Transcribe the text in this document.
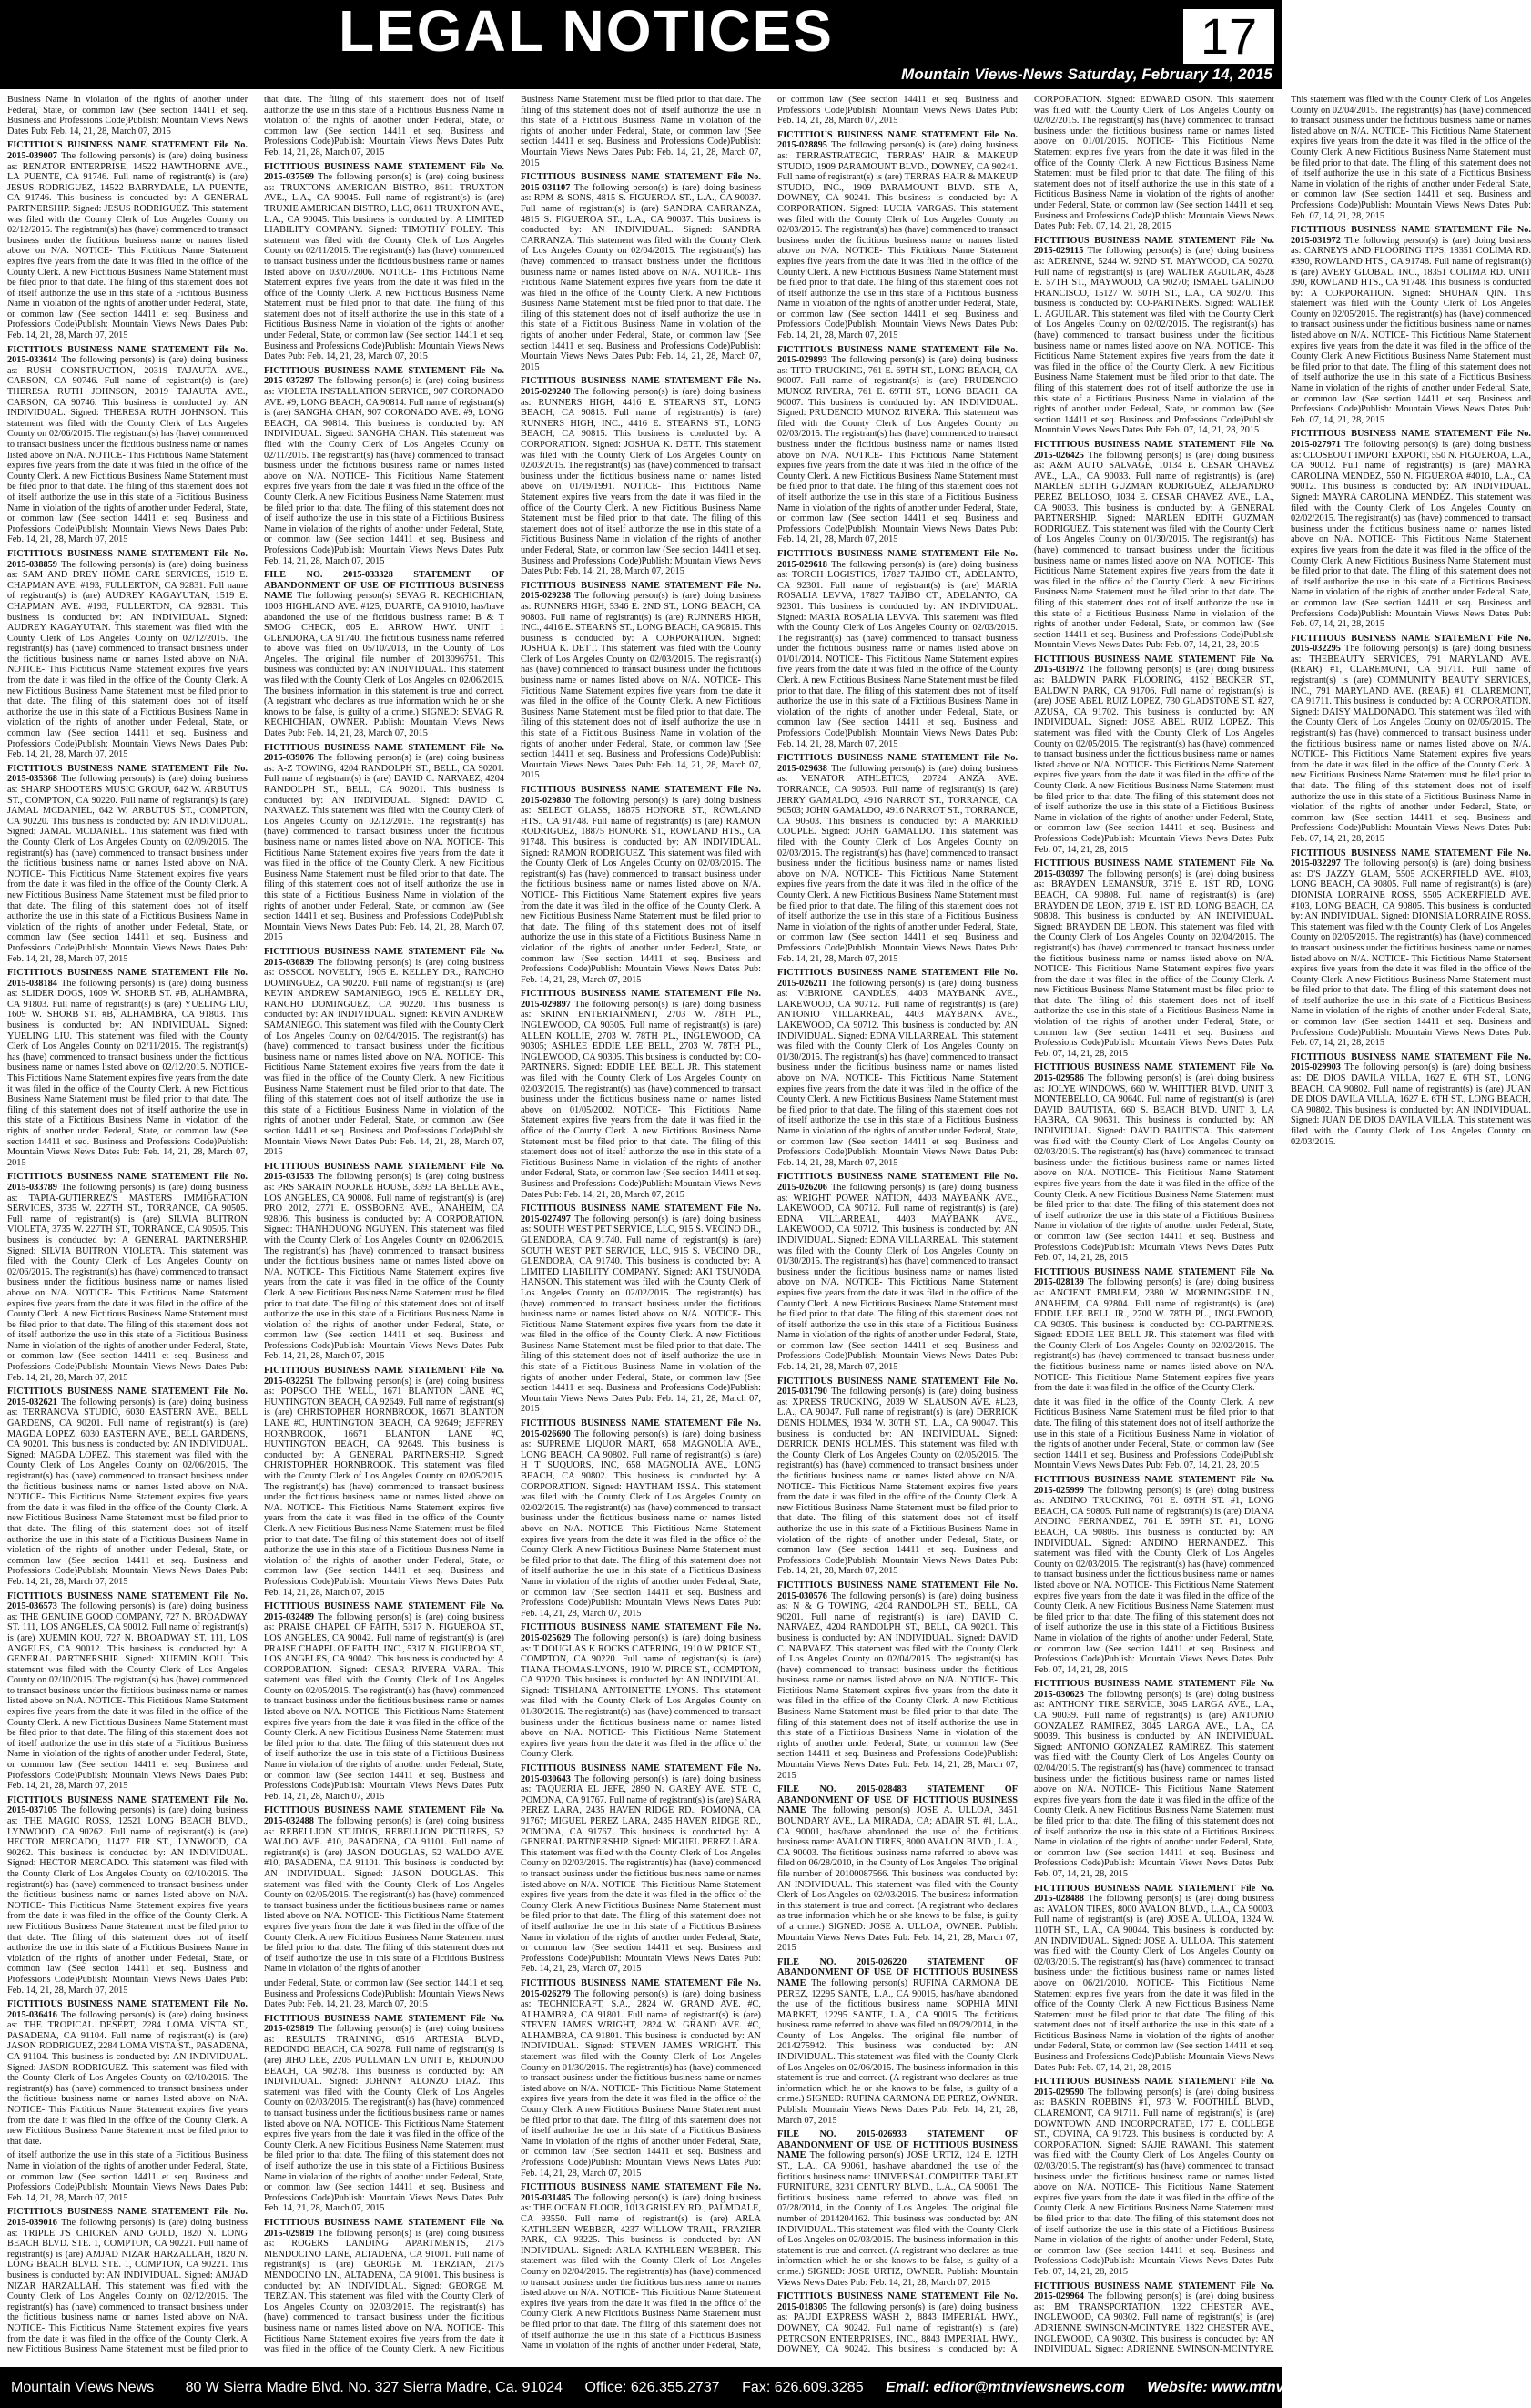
LEGAL NOTICES	17
Mountain Views-News Saturday, February 14, 2015

Business Name in violation of the rights of another under Federal, State, or common law (See section 14411 et seq. Business and Professions Code)Publish: Mountain Views News Dates Pub: Feb. 14, 21, 28, March 07, 2015

FICTITIOUS BUSINESS NAME STATEMENT File No. 2015-039007 The following person(s) is (are) doing business as: RENATOR ENTERPRISE, 14522 HAWTHORNE AVE., LA PUENTE, CA 91746. Full name of registrant(s) is (are) JESUS RODRIGUEZ, 14522 BARRYDALE, LA PUENTE, CA 91746. This business is conducted by: A GENERAL PARTNERSHIP. Signed: JESUS RODRIGUEZ. This statement was filed with the County Clerk of Los Angeles County on 02/12/2015. The registrant(s) has (have) commenced to transact business under the fictitious business name or names listed above on N/A. NOTICE- This Fictitious Name Statement expires five years from the date it was filed in the office of the County Clerk. A new Fictitious Business Name Statement must be filed prior to that date. The filing of this statement does not of itself authorize the use in this state of a Fictitious Business Name in violation of the rights of another under Federal, State, or common law (See section 14411 et seq. Business and Professions Code)Publish: Mountain Views News Dates Pub: Feb. 14, 21, 28, March 07, 2015

FICTITIOUS BUSINESS NAME STATEMENT File No. 2015-033614 The following person(s) is (are) doing business as: RUSH CONSTRUCTION, 20319 TAJAUTA AVE., CARSON, CA 90746. Full name of registrant(s) is (are) THERESA RUTH JOHNSON, 20319 TAJAUTA AVE., CARSON, CA 90746. This business is conducted by: AN INDIVIDUAL. Signed: THERESA RUTH JOHNSON. This statement was filed with the County Clerk of Los Angeles County on 02/06/2015. The registrant(s) has (have) commenced to transact business under the fictitious business name or names listed above on N/A. NOTICE- This Fictitious Name Statement expires five years from the date it was filed in the office of the County Clerk. A new Fictitious Business Name Statement must be filed prior to that date. The filing of this statement does not of itself authorize the use in this state of a Fictitious Business Name in violation of the rights of another under Federal, State, or common law (See section 14411 et seq. Business and Professions Code)Publish: Mountain Views News Dates Pub: Feb. 14, 21, 28, March 07, 2015

FICTITIOUS BUSINESS NAME STATEMENT File No. 2015-038859 The following person(s) is (are) doing business as: SAM AND DREY HOME CARE SERVICES, 1519 E. CHAPMAN AVE. #193, FULLERTON, CA 92831. Full name of registrant(s) is (are) AUDREY KAGAYUTAN, 1519 E. CHAPMAN AVE. #193, FULLERTON, CA 92831. This business is conducted by: AN INDIVIDUAL. Signed: AUDREY KAGAYUTAN. This statement was filed with the County Clerk of Los Angeles County on 02/12/2015. The registrant(s) has (have) commenced to transact business under the fictitious business name or names listed above on N/A. NOTICE- This Fictitious Name Statement expires five years from the date it was filed in the office of the County Clerk. A new Fictitious Business Name Statement must be filed prior to that date. The filing of this statement does not of itself authorize the use in this state of a Fictitious Business Name in violation of the rights of another under Federal, State, or common law (See section 14411 et seq. Business and Professions Code)Publish: Mountain Views News Dates Pub: Feb. 14, 21, 28, March 07, 2015

FICTITIOUS BUSINESS NAME STATEMENT File No. 2015-035368 The following person(s) is (are) doing business as: SHARP SHOOTERS MUSIC GROUP, 642 W. ARBUTUS ST., COMPTON, CA 90220. Full name of registrant(s) is (are) JAMAL MCDANIEL, 642 W. ARBUTUS ST., COMPTON, CA 90220. This business is conducted by: AN INDIVIDUAL. Signed: JAMAL MCDANIEL. This statement was filed with the County Clerk of Los Angeles County on 02/09/2015. The registrant(s) has (have) commenced to transact business under the fictitious business name or names listed above on N/A. NOTICE- This Fictitious Name Statement expires five years from the date it was filed in the office of the County Clerk. A new Fictitious Business Name Statement must be filed prior to that date. The filing of this statement does not of itself authorize the use in this state of a Fictitious Business Name in violation of the rights of another under Federal, State, or common law (See section 14411 et seq. Business and Professions Code)Publish: Mountain Views News Dates Pub: Feb. 14, 21, 28, March 07, 2015

FICTITIOUS BUSINESS NAME STATEMENT File No. 2015-038184 The following person(s) is (are) doing business as: SLIDER DOGS, 1609 W. SHORB ST. #B, ALHAMBRA, CA 91803. Full name of registrant(s) is (are) YUELING LIU, 1609 W. SHORB ST. #B, ALHAMBRA, CA 91803. This business is conducted by: AN INDIVIDUAL. Signed: YUELING LIU. This statement was filed with the County Clerk of Los Angeles County on 02/11/2015. The registrant(s) has (have) commenced to transact business under the fictitious business name or names listed above on 02/12/2015. NOTICE- This Fictitious Name Statement expires five years from the date it was filed in the office of the County Clerk. A new Fictitious Business Name Statement must be filed prior to that date. The filing of this statement does not of itself authorize the use in this state of a Fictitious Business Name in violation of the rights of another under Federal, State, or common law (See section 14411 et seq. Business and Professions Code)Publish: Mountain Views News Dates Pub: Feb. 14, 21, 28, March 07, 2015

FICTITIOUS BUSINESS NAME STATEMENT File No. 2015-033789 The following person(s) is (are) doing business as: TAPIA-GUTIERREZ'S MASTERS IMMIGRATION SERVICES, 3735 W. 227TH ST., TORRANCE, CA 90505. Full name of registrant(s) is (are) SILVIA BUITRON VIOLETA, 3735 W. 227TH ST., TORRANCE, CA 90505. This business is conducted by: A GENERAL PARTNERSHIP. Signed: SILVIA BUITRON VIOLETA. This statement was filed with the County Clerk of Los Angeles County on 02/06/2015. The registrant(s) has (have) commenced to transact business under the fictitious business name or names listed above on N/A. NOTICE- This Fictitious Name Statement expires five years from the date it was filed in the office of the County Clerk. A new Fictitious Business Name Statement must be filed prior to that date. The filing of this statement does not of itself authorize the use in this state of a Fictitious Business Name in violation of the rights of another under Federal, State, or common law (See section 14411 et seq. Business and Professions Code)Publish: Mountain Views News Dates Pub: Feb. 14, 21, 28, March 07, 2015

FICTITIOUS BUSINESS NAME STATEMENT File No. 2015-032621 The following person(s) is (are) doing business as: TERRANOVA STUDIO, 6030 EASTERN AVE., BELL GARDENS, CA 90201. Full name of registrant(s) is (are) MAGDA LOPEZ, 6030 EASTERN AVE., BELL GARDENS, CA 90201. This business is conducted by: AN INDIVIDUAL. Signed: MAGDA LOPEZ. This statement was filed with the County Clerk of Los Angeles County on 02/06/2015. The registrant(s) has (have) commenced to transact business under the fictitious business name or names listed above on N/A. NOTICE- This Fictitious Name Statement expires five years from the date it was filed in the office of the County Clerk. A new Fictitious Business Name Statement must be filed prior to that date. The filing of this statement does not of itself authorize the use in this state of a Fictitious Business Name in violation of the rights of another under Federal, State, or common law (See section 14411 et seq. Business and Professions Code)Publish: Mountain Views News Dates Pub: Feb. 14, 21, 28, March 07, 2015

FICTITIOUS BUSINESS NAME STATEMENT File No. 2015-036573 The following person(s) is (are) doing business as: THE GENUINE GOOD COMPANY, 727 N. BROADWAY ST. 111, LOS ANGELES, CA 90012. Full name of registrant(s) is (are) XUEMIN KOU, 727 N. BROADWAY ST. 111, LOS ANGELES, CA 90012. This business is conducted by: A GENERAL PARTNERSHIP. Signed: XUEMIN KOU. This statement was filed with the County Clerk of Los Angeles County on 02/10/2015. The registrant(s) has (have) commenced to transact business under the fictitious business name or names listed above on N/A. NOTICE- This Fictitious Name Statement expires five years from the date it was filed in the office of the County Clerk. A new Fictitious Business Name Statement must be filed prior to that date. The filing of this statement does not of itself authorize the use in this state of a Fictitious Business Name in violation of the rights of another under Federal, State, or common law (See section 14411 et seq. Business and Professions Code)Publish: Mountain Views News Dates Pub: Feb. 14, 21, 28, March 07, 2015

FICTITIOUS BUSINESS NAME STATEMENT File No. 2015-037105 The following person(s) is (are) doing business as: THE MAGIC ROSS, 12521 LONG BEACH BLVD., LYNWOOD, CA 90262. Full name of registrant(s) is (are) HECTOR MERCADO, 11477 FIR ST., LYNWOOD, CA 90262. This business is conducted by: AN INDIVIDUAL. Signed: HECTOR MERCADO. This statement was filed with the County Clerk of Los Angeles County on 02/10/2015. The registrant(s) has (have) commenced to transact business under the fictitious business name or names listed above on N/A. NOTICE- This Fictitious Name Statement expires five years from the date it was filed in the office of the County Clerk. A new Fictitious Business Name Statement must be filed prior to that date. The filing of this statement does not of itself authorize the use in this state of a Fictitious Business Name in violation of the rights of another under Federal, State, or common law (See section 14411 et seq. Business and Professions Code)Publish: Mountain Views News Dates Pub: Feb. 14, 21, 28, March 07, 2015

FICTITIOUS BUSINESS NAME STATEMENT File No. 2015-036416 The following person(s) is (are) doing business as: THE TROPICAL DESERT, 2284 LOMA VISTA ST., PASADENA, CA 91104. Full name of registrant(s) is (are) JASON RODRIGUEZ, 2284 LOMA VISTA ST., PASADENA, CA 91104. This business is conducted by: AN INDIVIDUAL. Signed: JASON RODRIGUEZ. This statement was filed with the County Clerk of Los Angeles County on 02/10/2015. The registrant(s) has (have) commenced to transact business under the fictitious business name or names listed above on N/A. NOTICE- This Fictitious Name Statement expires five years from the date it was filed in the office of the County Clerk. A new Fictitious Business Name Statement must be filed prior to that date.

of itself authorize the use in this state of a Fictitious Business Name in violation of the rights of another under Federal, State, or common law (See section 14411 et seq. Business and Professions Code)Publish: Mountain Views News Dates Pub: Feb. 14, 21, 28, March 07, 2015

FICTITIOUS BUSINESS NAME STATEMENT File No. 2015-039016 The following person(s) is (are) doing business as: TRIPLE J'S CHICKEN AND GOLD, 1820 N. LONG BEACH BLVD. STE. 1, COMPTON, CA 90221. Full name of registrant(s) is (are) AMJAD NIZAR HARZALLAH, 1820 N. LONG BEACH BLVD. STE. 1, COMPTON, CA 90221. This business is conducted by: AN INDIVIDUAL. Signed: AMJAD NIZAR HARZALLAH. This statement was filed with the County Clerk of Los Angeles County on 02/12/2015. The registrant(s) has (have) commenced to transact business under the fictitious business name or names listed above on N/A. NOTICE- This Fictitious Name Statement expires five years from the date it was filed in the office of the County Clerk. A new Fictitious Business Name Statement must be filed prior to that date. The filing of this statement does not of itself authorize the use in this state of a Fictitious Business Name in violation of the rights of another under Federal, State, or common law (See section 14411 et seq. Business and Professions Code)Publish: Mountain Views News Dates Pub: Feb. 14, 21, 28, March 07, 2015

FICTITIOUS BUSINESS NAME STATEMENT File No. 2015-037569 The following person(s) is (are) doing business as: TRUXTONS AMERICAN BISTRO, 8611 TRUXTON AVE., L.A., CA 90045. Full name of registrant(s) is (are) TRUXIE AMERICAN BISTRO, LLC, 8611 TRUXTON AVE., L.A., CA 90045. This business is conducted by: A LIMITED LIABILITY COMPANY. Signed: TIMOTHY FOLEY. This statement was filed with the County Clerk of Los Angeles County on 02/11/2015. The registrant(s) has (have) commenced to transact business under the fictitious business name or names listed above on 03/07/2006. NOTICE- This Fictitious Name Statement expires five years from the date it was filed in the office of the County Clerk. A new Fictitious Business Name Statement must be filed prior to that date. The filing of this statement does not of itself authorize the use in this state of a Fictitious Business Name in violation of the rights of another under Federal, State, or common law (See section 14411 et seq. Business and Professions Code)Publish: Mountain Views News Dates Pub: Feb. 14, 21, 28, March 07, 2015

FICTITIOUS BUSINESS NAME STATEMENT File No. 2015-037297 The following person(s) is (are) doing business as: VIOLETA INSTALLATION SERVICE, 907 CORONADO AVE. #9, LONG BEACH, CA 90814. Full name of registrant(s) is (are) SANGHA CHAN, 907 CORONADO AVE. #9, LONG BEACH, CA 90814. This business is conducted by: AN INDIVIDUAL. Signed: SANGHA CHAN. This statement was filed with the County Clerk of Los Angeles County on 02/11/2015. The registrant(s) has (have) commenced to transact business under the fictitious business name or names listed above on N/A. NOTICE- This Fictitious Name Statement expires five years from the date it was filed in the office of the County Clerk. A new Fictitious Business Name Statement must be filed prior to that date. The filing of this statement does not of itself authorize the use in this state of a Fictitious Business Name in violation of the rights of another under Federal, State, or common law (See section 14411 et seq. Business and Professions Code)Publish: Mountain Views News Dates Pub: Feb. 14, 21, 28, March 07, 2015

FILE NO. 2015-033328 STATEMENT OF ABANDONMENT OF USE OF FICTITIOUS BUSINESS NAME The following person(s) SEVAG R. KECHICHIAN, 1003 HIGHLAND AVE. #125, DUARTE, CA 91010, has/have abandoned the use of the fictitious business name: B & T SMOG CHECK, 605 E. ARROW HWY. UNIT 1 GLENDORA, CA 91740. The fictitious business name referred to above was filed on 05/10/2013, in the County of Los Angeles. The original file number of 2013096751. This business was conducted by: AN INDIVIDUAL. This statement was filed with the County Clerk of Los Angeles on 02/06/2015. The business information in this statement is true and correct. (A registrant who declares as true information which he or she knows to be false, is guilty of a crime.) SIGNED: SEVAG R. KECHICHIAN, OWNER. Publish: Mountain Views News Dates Pub: Feb. 14, 21, 28, March 07, 2015

FICTITIOUS BUSINESS NAME STATEMENT File No. 2015-039076 The following person(s) is (are) doing business as: A-Z TOWING, 4204 RANDOLPH ST., BELL, CA 90201. Full name of registrant(s) is (are) DAVID C. NARVAEZ, 4204 RANDOLPH ST., BELL, CA 90201. This business is conducted by: AN INDIVIDUAL. Signed: DAVID C. NARVAEZ. This statement was filed with the County Clerk of Los Angeles County on 02/12/2015. The registrant(s) has (have) commenced to transact business under the fictitious business name or names listed above on N/A. NOTICE- This Fictitious Name Statement expires five years from the date it was filed in the office of the County Clerk. A new Fictitious Business Name Statement must be filed prior to that date. The filing of this statement does not of itself authorize the use in this state of a Fictitious Business Name in violation of the rights of another under Federal, State, or common law (See section 14411 et seq. Business and Professions Code)Publish: Mountain Views News Dates Pub: Feb. 14, 21, 28, March 07, 2015

FICTITIOUS BUSINESS NAME STATEMENT File No. 2015-036839 The following person(s) is (are) doing business as: OSSCOL NOVELTY, 1905 E. KELLEY DR., RANCHO DOMINGUEZ, CA 90220. Full name of registrant(s) is (are) KEVIN ANDREW SAMANIEGO, 1905 E. KELLEY DR., RANCHO DOMINGUEZ, CA 90220. This business is conducted by: AN INDIVIDUAL. Signed: KEVIN ANDREW SAMANIEGO. This statement was filed with the County Clerk of Los Angeles County on 02/04/2015. The registrant(s) has (have) commenced to transact business under the fictitious business name or names listed above on N/A. NOTICE- This Fictitious Name Statement expires five years from the date it was filed in the office of the County Clerk. A new Fictitious Business Name Statement must be filed prior to that date. The filing of this statement does not of itself authorize the use in this state of a Fictitious Business Name in violation of the rights of another under Federal, State, or common law (See section 14411 et seq. Business and Professions Code)Publish: Mountain Views News Dates Pub: Feb. 14, 21, 28, March 07, 2015

FICTITIOUS BUSINESS NAME STATEMENT File No. 2015-031533 The following person(s) is (are) doing business as: PRS SARAIN NOOKLE HOUSE, 3393 LA BELLE AVE., LOS ANGELES, CA 90008. Full name of registrant(s) is (are) PRO 2012, 2771 E. OSSBORNE AVE., ANAHEIM, CA 92806. This business is conducted by: A CORPORATION. Signed: THANHDUONG NGUYEN. This statement was filed with the County Clerk of Los Angeles County on 02/06/2015. The registrant(s) has (have) commenced to transact business under the fictitious business name or names listed above on N/A. NOTICE- This Fictitious Name Statement expires five years from the date it was filed in the office of the County Clerk. A new Fictitious Business Name Statement must be filed prior to that date. The filing of this statement does not of itself authorize the use in this state of a Fictitious Business Name in violation of the rights of another under Federal, State, or common law (See section 14411 et seq. Business and Professions Code)Publish: Mountain Views News Dates Pub: Feb. 14, 21, 28, March 07, 2015

FICTITIOUS BUSINESS NAME STATEMENT File No. 2015-032251 The following person(s) is (are) doing business as: POPSOO THE WELL, 1671 BLANTON LANE #C, HUNTINGTON BEACH, CA 92649. Full name of registrant(s) is (are) CHRISTOPHER HORNBROOK, 16671 BLANTON LANE #C, HUNTINGTON BEACH, CA 92649; JEFFREY HORNBROOK, 16671 BLANTON LANE #C, HUNTINGTON BEACH, CA 92649. This business is conducted by: A GENERAL PARTNERSHIP. Signed: CHRISTOPHER HORNBROOK. This statement was filed with the County Clerk of Los Angeles County on 02/05/2015. The registrant(s) has (have) commenced to transact business under the fictitious business name or names listed above on N/A. NOTICE- This Fictitious Name Statement expires five years from the date it was filed in the office of the County Clerk. A new Fictitious Business Name Statement must be filed prior to that date. The filing of this statement does not of itself authorize the use in this state of a Fictitious Business Name in violation of the rights of another under Federal, State, or common law (See section 14411 et seq. Business and Professions Code)Publish: Mountain Views News Dates Pub: Feb. 14, 21, 28, March 07, 2015

FICTITIOUS BUSINESS NAME STATEMENT File No. 2015-032489 The following person(s) is (are) doing business as: PRAISE CHAPEL OF FAITH, 5317 N. FIGUEROA ST., LOS ANGELES, CA 90042. Full name of registrant(s) is (are) PRAISE CHAPEL OF FAITH, INC., 5317 N. FIGUEROA ST., LOS ANGELES, CA 90042. This business is conducted by: A CORPORATION. Signed: CESAR RIVERA VARA. This statement was filed with the County Clerk of Los Angeles County on 02/05/2015. The registrant(s) has (have) commenced to transact business under the fictitious business name or names listed above on N/A. NOTICE- This Fictitious Name Statement expires five years from the date it was filed in the office of the County Clerk. A new Fictitious Business Name Statement must be filed prior to that date. The filing of this statement does not of itself authorize the use in this state of a Fictitious Business Name in violation of the rights of another under Federal, State, or common law (See section 14411 et seq. Business and Professions Code)Publish: Mountain Views News Dates Pub: Feb. 14, 21, 28, March 07, 2015

FICTITIOUS BUSINESS NAME STATEMENT File No. 2015-032488 The following person(s) is (are) doing business as: REBELLION STUDIOS, REBELLION PICTURES, 52 WALDO AVE. #10, PASADENA, CA 91101. Full name of registrant(s) is (are) JASON DOUGLAS, 52 WALDO AVE. #10, PASADENA, CA 91101. This business is conducted by: AN INDIVIDUAL. Signed: JASON DOUGLAS. This statement was filed with the County Clerk of Los Angeles County on 02/05/2015. The registrant(s) has (have) commenced to transact business under the fictitious business name or names listed above on N/A. NOTICE- This Fictitious Name Statement expires five years from the date it was filed in the office of the County Clerk. A new Fictitious Business Name Statement must be filed prior to that date. The filing of this statement does not of itself authorize the use in this state of a Fictitious Business Name in violation of the rights of another

under Federal, State, or common law (See section 14411 et seq. Business and Professions Code)Publish: Mountain Views News Dates Pub: Feb. 14, 21, 28, March 07, 2015

FICTITIOUS BUSINESS NAME STATEMENT File No. 2015-029819 The following person(s) is (are) doing business as: RESULTS TRAINING, 6516 ARTESIA BLVD., REDONDO BEACH, CA 90278. Full name of registrant(s) is (are) JIHO LEE, 2205 PULLMAN LN UNIT B, REDONDO BEACH, CA 90278. This business is conducted by: AN INDIVIDUAL. Signed: JOHNNY ALONZO DIAZ. This statement was filed with the County Clerk of Los Angeles County on 02/03/2015. The registrant(s) has (have) commenced to transact business under the fictitious business name or names listed above on N/A. NOTICE- This Fictitious Name Statement expires five years from the date it was filed in the office of the County Clerk. A new Fictitious Business Name Statement must be filed prior to that date. The filing of this statement does not of itself authorize the use in this state of a Fictitious Business Name in violation of the rights of another under Federal, State, or common law (See section 14411 et seq. Business and Professions Code)Publish: Mountain Views News Dates Pub: Feb. 14, 21, 28, March 07, 2015

FICTITIOUS BUSINESS NAME STATEMENT File No. 2015-029819 The following person(s) is (are) doing business as: ROGERS LANDING APARTMENTS, 2175 MENDOCINO LANE, ALTADENA, CA 91001. Full name of registrant(s) is (are) GEORGE M. TERZIAN, 2175 MENDOCINO LN., ALTADENA, CA 91001. This business is conducted by: AN INDIVIDUAL. Signed: GEORGE M. TERZIAN. This statement was filed with the County Clerk of Los Angeles County on 02/03/2015. The registrant(s) has (have) commenced to transact business under the fictitious business name or names listed above on N/A. NOTICE- This Fictitious Name Statement expires five years from the date it was filed in the office of the County Clerk. A new Fictitious Business Name Statement must be filed prior to that date. The filing of this statement does not of itself authorize the use in this state of a Fictitious Business Name in violation of the rights of another under Federal, State, or common law (See section 14411 et seq. Business and Professions Code)Publish: Mountain Views News Dates Pub: Feb. 14, 21, 28, March 07, 2015

FICTITIOUS BUSINESS NAME STATEMENT File No. 2015-031107 The following person(s) is (are) doing business as: RPM & SONS, 4815 S. FIGUEROA ST., L.A., CA 90037. Full name of registrant(s) is (are) SANDRA CARRANZA, 4815 S. FIGUEROA ST., L.A., CA 90037. This business is conducted by: AN INDIVIDUAL. Signed: SANDRA CARRANZA. This statement was filed with the County Clerk of Los Angeles County on 02/04/2015. The registrant(s) has (have) commenced to transact business under the fictitious business name or names listed above on N/A. NOTICE- This Fictitious Name Statement expires five years from the date it was filed in the office of the County Clerk. A new Fictitious Business Name Statement must be filed prior to that date. The filing of this statement does not of itself authorize the use in this state of a Fictitious Business Name in violation of the rights of another under Federal, State, or common law (See section 14411 et seq. Business and Professions Code)Publish: Mountain Views News Dates Pub: Feb. 14, 21, 28, March 07, 2015

FICTITIOUS BUSINESS NAME STATEMENT File No. 2015-029240 The following person(s) is (are) doing business as: RUNNERS HIGH, 4416 E. STEARNS ST., LONG BEACH, CA 90815. Full name of registrant(s) is (are) RUNNERS HIGH, INC., 4416 E. STEARNS ST., LONG BEACH, CA 90815. This business is conducted by: A CORPORATION. Signed: JOSHUA K. DETT. This statement was filed with the County Clerk of Los Angeles County on 02/03/2015. The registrant(s) has (have) commenced to transact business under the fictitious business name or names listed above on 01/19/1991. NOTICE- This Fictitious Name Statement expires five years from the date it was filed in the office of the County Clerk. A new Fictitious Business Name Statement must be filed prior to that date. The filing of this statement does not of itself authorize the use in this state of a Fictitious Business Name in violation of the rights of another under Federal, State, or common law (See section 14411 et seq. Business and Professions Code)Publish: Mountain Views News Dates Pub: Feb. 14, 21, 28, March 07, 2015

FICTITIOUS BUSINESS NAME STATEMENT File No. 2015-029238 The following person(s) is (are) doing business as: RUNNERS HIGH, 5346 E. 2ND ST., LONG BEACH, CA 90803. Full name of registrant(s) is (are) RUNNERS HIGH, INC., 4416 E. STEARNS ST., LONG BEACH, CA 90815. This business is conducted by: A CORPORATION. Signed: JOSHUA K. DETT. This statement was filed with the County Clerk of Los Angeles County on 02/03/2015. The registrant(s) has (have) commenced to transact business under the fictitious business name or names listed above on N/A. NOTICE- This Fictitious Name Statement expires five years from the date it was filed in the office of the County Clerk. A new Fictitious Business Name Statement must be filed prior to that date. The filing of this statement does not of itself authorize the use in this state of a Fictitious Business Name in violation of the rights of another under Federal, State, or common law (See section 14411 et seq. Business and Professions Code)Publish: Mountain Views News Dates Pub: Feb. 14, 21, 28, March 07, 2015

FICTITIOUS BUSINESS NAME STATEMENT File No. 2015-029830 The following person(s) is (are) doing business as: SELECT GLASS, 18875 HONORE ST., ROWLAND HTS., CA 91748. Full name of registrant(s) is (are) RAMON RODRIGUEZ, 18875 HONORE ST., ROWLAND HTS., CA 91748. This business is conducted by: AN INDIVIDUAL. Signed: RAMON RODRIGUEZ. This statement was filed with the County Clerk of Los Angeles County on 02/03/2015. The registrant(s) has (have) commenced to transact business under the fictitious business name or names listed above on N/A. NOTICE- This Fictitious Name Statement expires five years from the date it was filed in the office of the County Clerk. A new Fictitious Business Name Statement must be filed prior to that date. The filing of this statement does not of itself authorize the use in this state of a Fictitious Business Name in violation of the rights of another under Federal, State, or common law (See section 14411 et seq. Business and Professions Code)Publish: Mountain Views News Dates Pub: Feb. 14, 21, 28, March 07, 2015

FICTITIOUS BUSINESS NAME STATEMENT File No. 2015-029897 The following person(s) is (are) doing business as: SKINN ENTERTAINMENT, 2703 W. 78TH PL., INGLEWOOD, CA 90305. Full name of registrant(s) is (are) ALLEN KOLLIE, 2703 W. 78TH PL., INGLEWOOD, CA 90305; ASHLEE EDDIE LEE BELL, 2703 W. 78TH PL., INGLEWOOD, CA 90305. This business is conducted by: CO-PARTNERS. Signed: EDDIE LEE BELL JR. This statement was filed with the County Clerk of Los Angeles County on 02/03/2015. The registrant(s) has (have) commenced to transact business under the fictitious business name or names listed above on 01/05/2002. NOTICE- This Fictitious Name Statement expires five years from the date it was filed in the office of the County Clerk. A new Fictitious Business Name Statement must be filed prior to that date. The filing of this statement does not of itself authorize the use in this state of a Fictitious Business Name in violation of the rights of another under Federal, State, or common law (See section 14411 et seq. Business and Professions Code)Publish: Mountain Views News Dates Pub: Feb. 14, 21, 28, March 07, 2015

FICTITIOUS BUSINESS NAME STATEMENT File No. 2015-027497 The following person(s) is (are) doing business as: SOUTH WEST PET SERVICE, LLC, 915 S. VECINO DR., GLENDORA, CA 91740. Full name of registrant(s) is (are) SOUTH WEST PET SERVICE, LLC, 915 S. VECINO DR., GLENDORA, CA 91740. This business is conducted by: A LIMITED LIABILITY COMPANY. Signed: AKI TSUNODA HANSON. This statement was filed with the County Clerk of Los Angeles County on 02/02/2015. The registrant(s) has (have) commenced to transact business under the fictitious business name or names listed above on N/A. NOTICE- This Fictitious Name Statement expires five years from the date it was filed in the office of the County Clerk. A new Fictitious Business Name Statement must be filed prior to that date. The filing of this statement does not of itself authorize the use in this state of a Fictitious Business Name in violation of the rights of another under Federal, State, or common law (See section 14411 et seq. Business and Professions Code)Publish: Mountain Views News Dates Pub: Feb. 14, 21, 28, March 07, 2015

FICTITIOUS BUSINESS NAME STATEMENT File No. 2015-026690 The following person(s) is (are) doing business as: SUPREME LIQUOR MART, 658 MAGNOLIA AVE., LONG BEACH, CA 90802. Full name of registrant(s) is (are) H T SUQUORS, INC, 658 MAGNOLIA AVE., LONG BEACH, CA 90802. This business is conducted by: A CORPORATION. Signed: HAYTHAM ISSA. This statement was filed with the County Clerk of Los Angeles County on 02/02/2015. The registrant(s) has (have) commenced to transact business under the fictitious business name or names listed above on N/A. NOTICE- This Fictitious Name Statement expires five years from the date it was filed in the office of the County Clerk. A new Fictitious Business Name Statement must be filed prior to that date. The filing of this statement does not of itself authorize the use in this state of a Fictitious Business Name in violation of the rights of another under Federal, State, or common law (See section 14411 et seq. Business and Professions Code)Publish: Mountain Views News Dates Pub: Feb. 14, 21, 28, March 07, 2015

FICTITIOUS BUSINESS NAME STATEMENT File No. 2015-025629 The following person(s) is (are) doing business as: T DOUGLAS K ROCKS CATERING, 1910 W. PRICE ST., COMPTON, CA 90220. Full name of registrant(s) is (are) TIANA THOMAS-LYONS, 1910 W. PIRCE ST., COMPTON, CA 90220. This business is conducted by: AN INDIVIDUAL. Signed: TISHIANA ANTOINETTE LYONS. This statement was filed with the County Clerk of Los Angeles County on 01/30/2015. The registrant(s) has (have) commenced to transact business under the fictitious business name or names listed above on N/A. NOTICE- This Fictitious Name Statement expires five years from the date it was filed in the office of the County Clerk.

FICTITIOUS BUSINESS NAME STATEMENT File No. 2015-030643 The following person(s) is (are) doing business as: TAQUERIA EL JEFE, 2890 N. GAREY AVE. STE C, POMONA, CA 91767. Full name of registrant(s) is (are) SARA PEREZ LARA, 2435 HAVEN RIDGE RD., POMONA, CA 91767; MIGUEL PEREZ LARA, 2435 HAVEN RIDGE RD., POMONA, CA 91767. This business is conducted by: A GENERAL PARTNERSHIP. Signed: MIGUEL PEREZ LARA. This statement was filed with the County Clerk of Los Angeles County on 02/03/2015. The registrant(s) has (have) commenced to transact business under the fictitious business name or names listed above on N/A. NOTICE- This Fictitious Name Statement expires five years from the date it was filed in the office of the County Clerk. A new Fictitious Business Name Statement must be filed prior to that date. The filing of this statement does not of itself authorize the use in this state of a Fictitious Business Name in violation of the rights of another under Federal, State, or common law (See section 14411 et seq. Business and Professions Code)Publish: Mountain Views News Dates Pub: Feb. 14, 21, 28, March 07, 2015

FICTITIOUS BUSINESS NAME STATEMENT File No. 2015-026279 The following person(s) is (are) doing business as: TECHNICRAFT, S.A., 2824 W. GRAND AVE. #C, ALHAMBRA, CA 91801. Full name of registrant(s) is (are) STEVEN JAMES WRIGHT, 2824 W. GRAND AVE. #C, ALHAMBRA, CA 91801. This business is conducted by: AN INDIVIDUAL. Signed: STEVEN JAMES WRIGHT. This statement was filed with the County Clerk of Los Angeles County on 01/30/2015. The registrant(s) has (have) commenced to transact business under the fictitious business name or names listed above on N/A. NOTICE- This Fictitious Name Statement expires five years from the date it was filed in the office of the County Clerk. A new Fictitious Business Name Statement must be filed prior to that date. The filing of this statement does not of itself authorize the use in this state of a Fictitious Business Name in violation of the rights of another under Federal, State, or common law (See section 14411 et seq. Business and Professions Code)Publish: Mountain Views News Dates Pub: Feb. 14, 21, 28, March 07, 2015

FICTITIOUS BUSINESS NAME STATEMENT File No. 2015-031485 The following person(s) is (are) doing business as: THE OCEAN FLOOR, 1013 GRISLEY RD., PALMDALE, CA 93550. Full name of registrant(s) is (are) ARLA KATHLEEN WEBBER, 4237 WILLOW TRAIL, FRAZIER PARK, CA 93225. This business is conducted by: AN INDIVIDUAL. Signed: ARLA KATHLEEN WEBBER. This statement was filed with the County Clerk of Los Angeles County on 02/04/2015. The registrant(s) has (have) commenced to transact business under the fictitious business name or names listed above on N/A. NOTICE- This Fictitious Name Statement expires five years from the date it was filed in the office of the County Clerk. A new Fictitious Business Name Statement must be filed prior to that date. The filing of this statement does not of itself authorize the use in this state of a Fictitious Business Name in violation of the rights of another under Federal, State, or common law (See section 14411 et seq. Business and Professions Code)Publish: Mountain Views News Dates Pub: Feb. 14, 21, 28, March 07, 2015

FICTITIOUS BUSINESS NAME STATEMENT File No. 2015-028895 The following person(s) is (are) doing business as: TERRASTRATEGIC, TERRAS' HAIR & MAKEUP STUDIO, 1909 PARAMOUNT BLVD., DOWNEY, CA 90241. Full name of registrant(s) is (are) TERRAS HAIR & MAKEUP STUDIO, INC., 1909 PARAMOUNT BLVD. STE A, DOWNEY, CA 90241. This business is conducted by: A CORPORATION. Signed: LUCIA VARGAS. This statement was filed with the County Clerk of Los Angeles County on 02/03/2015. The registrant(s) has (have) commenced to transact business under the fictitious business name or names listed above on N/A. NOTICE- This Fictitious Name Statement expires five years from the date it was filed in the office of the County Clerk. A new Fictitious Business Name Statement must be filed prior to that date. The filing of this statement does not of itself authorize the use in this state of a Fictitious Business Name in violation of the rights of another under Federal, State, or common law (See section 14411 et seq. Business and Professions Code)Publish: Mountain Views News Dates Pub: Feb. 14, 21, 28, March 07, 2015

FICTITIOUS BUSINESS NAME STATEMENT File No. 2015-029893 The following person(s) is (are) doing business as: TITO TRUCKING, 761 E. 69TH ST., LONG BEACH, CA 90007. Full name of registrant(s) is (are) PRUDENCIO MUNOZ RIVERA, 761 E. 69TH ST., LONG BEACH, CA 90007. This business is conducted by: AN INDIVIDUAL. Signed: PRUDENCIO MUNOZ RIVERA. This statement was filed with the County Clerk of Los Angeles County on 02/03/2015. The registrant(s) has (have) commenced to transact business under the fictitious business name or names listed above on N/A. NOTICE- This Fictitious Name Statement expires five years from the date it was filed in the office of the County Clerk. A new Fictitious Business Name Statement must be filed prior to that date. The filing of this statement does not of itself authorize the use in this state of a Fictitious Business Name in violation of the rights of another under Federal, State, or common law (See section 14411 et seq. Business and Professions Code)Publish: Mountain Views News Dates Pub: Feb. 14, 21, 28, March 07, 2015

FICTITIOUS BUSINESS NAME STATEMENT File No. 2015-029618 The following person(s) is (are) doing business as: TORCH LOGISTICS, 17827 TAJIBO CT., ADELANTO, CA 92301. Full name of registrant(s) is (are) MARIA ROSALIA LEVVA, 17827 TAJIBO CT., ADELANTO, CA 92301. This business is conducted by: AN INDIVIDUAL. Signed: MARIA ROSALIA LEVVA. This statement was filed with the County Clerk of Los Angeles County on 02/03/2015. The registrant(s) has (have) commenced to transact business under the fictitious business name or names listed above on 01/01/2014. NOTICE- This Fictitious Name Statement expires five years from the date it was filed in the office of the County Clerk. A new Fictitious Business Name Statement must be filed prior to that date. The filing of this statement does not of itself authorize the use in this state of a Fictitious Business Name in violation of the rights of another under Federal, State, or common law (See section 14411 et seq. Business and Professions Code)Publish: Mountain Views News Dates Pub: Feb. 14, 21, 28, March 07, 2015

FICTITIOUS BUSINESS NAME STATEMENT File No. 2015-029638 The following person(s) is (are) doing business as: VENATOR ATHLETICS, 20724 ANZA AVE. TORRANCE, CA 90503. Full name of registrant(s) is (are) JERRY GAMALDO, 4916 NARROT ST., TORRANCE, CA 90503; JOHN GAMALDO, 4916 NARROT ST., TORRANCE, CA 90503. This business is conducted by: A MARRIED COUPLE. Signed: JOHN GAMALDO. This statement was filed with the County Clerk of Los Angeles County on 02/03/2015. The registrant(s) has (have) commenced to transact business under the fictitious business name or names listed above on N/A. NOTICE- This Fictitious Name Statement expires five years from the date it was filed in the office of the County Clerk. A new Fictitious Business Name Statement must be filed prior to that date. The filing of this statement does not of itself authorize the use in this state of a Fictitious Business Name in violation of the rights of another under Federal, State, or common law (See section 14411 et seq. Business and Professions Code)Publish: Mountain Views News Dates Pub: Feb. 14, 21, 28, March 07, 2015

FICTITIOUS BUSINESS NAME STATEMENT File No. 2015-026211 The following person(s) is (are) doing business as: VIBRIONE CANDLES, 4403 MAYBANK AVE., LAKEWOOD, CA 90712. Full name of registrant(s) is (are) ANTONIO VILLARREAL, 4403 MAYBANK AVE., LAKEWOOD, CA 90712. This business is conducted by: AN INDIVIDUAL. Signed: EDNA VILLARREAL. This statement was filed with the County Clerk of Los Angeles County on 01/30/2015. The registrant(s) has (have) commenced to transact business under the fictitious business name or names listed above on N/A. NOTICE- This Fictitious Name Statement expires five years from the date it was filed in the office of the County Clerk. A new Fictitious Business Name Statement must be filed prior to that date. The filing of this statement does not of itself authorize the use in this state of a Fictitious Business Name in violation of the rights of another under Federal, State, or common law (See section 14411 et seq. Business and Professions Code)Publish: Mountain Views News Dates Pub: Feb. 14, 21, 28, March 07, 2015

FICTITIOUS BUSINESS NAME STATEMENT File No. 2015-026206 The following person(s) is (are) doing business as: WRIGHT POWER NATION, 4403 MAYBANK AVE., LAKEWOOD, CA 90712. Full name of registrant(s) is (are) EDNA VILLARREAL, 4403 MAYBANK AVE., LAKEWOOD, CA 90712. This business is conducted by: AN INDIVIDUAL. Signed: EDNA VILLARREAL. This statement was filed with the County Clerk of Los Angeles County on 01/30/2015. The registrant(s) has (have) commenced to transact business under the fictitious business name or names listed above on N/A. NOTICE- This Fictitious Name Statement expires five years from the date it was filed in the office of the County Clerk. A new Fictitious Business Name Statement must be filed prior to that date. The filing of this statement does not of itself authorize the use in this state of a Fictitious Business Name in violation of the rights of another under Federal, State, or common law (See section 14411 et seq. Business and Professions Code)Publish: Mountain Views News Dates Pub: Feb. 14, 21, 28, March 07, 2015

FICTITIOUS BUSINESS NAME STATEMENT File No. 2015-031790 The following person(s) is (are) doing business as: XPRESS TRUCKING, 2039 W. SLAUSON AVE. #L23, L.A., CA 90047. Full name of registrant(s) is (are) DERRICK DENIS HOLMES, 1934 W. 30TH ST., L.A., CA 90047. This business is conducted by: AN INDIVIDUAL. Signed: DERRICK DENIS HOLMES. This statement was filed with the County Clerk of Los Angeles County on 02/05/2015. The registrant(s) has (have) commenced to transact business under the fictitious business name or names listed above on N/A. NOTICE- This Fictitious Name Statement expires five years from the date it was filed in the office of the County Clerk. A new Fictitious Business Name Statement must be filed prior to that date. The filing of this statement does not of itself authorize the use in this state of a Fictitious Business Name in violation of the rights of another under Federal, State, or common law (See section 14411 et seq. Business and Professions Code)Publish: Mountain Views News Dates Pub: Feb. 14, 21, 28, March 07, 2015

FICTITIOUS BUSINESS NAME STATEMENT File No. 2015-030576 The following person(s) is (are) doing business as: N & G TOWING, 4204 RANDOLPH ST., BELL, CA 90201. Full name of registrant(s) is (are) DAVID C. NARVAEZ, 4204 RANDOLPH ST., BELL, CA 90201. This business is conducted by: AN INDIVIDUAL. Signed: DAVID C. NARVAEZ. This statement was filed with the County Clerk of Los Angeles County on 02/04/2015. The registrant(s) has (have) commenced to transact business under the fictitious business name or names listed above on N/A. NOTICE- This Fictitious Name Statement expires five years from the date it was filed in the office of the County Clerk. A new Fictitious Business Name Statement must be filed prior to that date. The filing of this statement does not of itself authorize the use in this state of a Fictitious Business Name in violation of the rights of another under Federal, State, or common law (See section 14411 et seq. Business and Professions Code)Publish: Mountain Views News Dates Pub: Feb. 14, 21, 28, March 07, 2015

FILE NO. 2015-028483 STATEMENT OF ABANDONMENT OF USE OF FICTITIOUS BUSINESS NAME The following person(s) JOSE A. ULLOA, 3451 BOUNDARY AVE., LA MIRADA, CA; ADAIR ST. #1, L.A., CA 90001, has/have abandoned the use of the fictitious business name: AVALON TIRES, 8000 AVALON BLVD., L.A., CA 90003. The fictitious business name referred to above was filed on 06/28/2010, in the County of Los Angeles. The original file number of 20100087566. This business was conducted by: AN INDIVIDUAL. This statement was filed with the County Clerk of Los Angeles on 02/03/2015. The business information in this statement is true and correct. (A registrant who declares as true information which he or she knows to be false, is guilty of a crime.) SIGNED: JOSE A. ULLOA, OWNER. Publish: Mountain Views News Dates Pub: Feb. 14, 21, 28, March 07, 2015

FILE NO. 2015-026220 STATEMENT OF ABANDONMENT OF USE OF FICTITIOUS BUSINESS NAME The following person(s) RUFINA CARMONA DE PEREZ, 12295 SANTE, L.A., CA 90015, has/have abandoned the use of the fictitious business name: SOPHIA MINI MARKET, 12295 SANTE, L.A., CA 90015. The fictitious business name referred to above was filed on 09/29/2014, in the County of Los Angeles. The original file number of 2014275942. This business was conducted by: AN INDIVIDUAL. This statement was filed with the County Clerk of Los Angeles on 02/06/2015. The business information in this statement is true and correct. (A registrant who declares as true information which he or she knows to be false, is guilty of a crime.) SIGNED: RUFINA CARMONA DE PEREZ, OWNER. Publish: Mountain Views News Dates Pub: Feb. 14, 21, 28, March 07, 2015

FILE NO. 2015-026933 STATEMENT OF ABANDONMENT OF USE OF FICTITIOUS BUSINESS NAME The following person(s) JOSE URTIZ, 124 E. 12TH ST., L.A., CA 90061, has/have abandoned the use of the fictitious business name: UNIVERSAL COMPUTER TABLET FURNITURE, 3231 CENTURY BLVD., L.A., CA 90061. The fictitious business name referred to above was filed on 07/28/2014, in the County of Los Angeles. The original file number of 2014204162. This business was conducted by: AN INDIVIDUAL. This statement was filed with the County Clerk of Los Angeles on 02/03/2015. The business information in this statement is true and correct. (A registrant who declares as true information which he or she knows to be false, is guilty of a crime.) SIGNED: JOSE URTIZ, OWNER. Publish: Mountain Views News Dates Pub: Feb. 14, 21, 28, March 07, 2015

FICTITIOUS BUSINESS NAME STATEMENT File No. 2015-018305 The following person(s) is (are) doing business as: PAUDI EXPRESS WASH 2, 8843 IMPERIAL HWY., DOWNEY, CA 90242. Full name of registrant(s) is (are) PETROSON ENTERPRISES, INC., 8843 IMPERIAL HWY., DOWNEY, CA 90242. This business is conducted by: A CORPORATION. Signed: EDWARD OSON. This statement was filed with the County Clerk of Los Angeles County on 02/02/2015. The registrant(s) has (have) commenced to transact business under the fictitious business name or names listed above on 01/01/2015. NOTICE- This Fictitious Name Statement expires five years from the date it was filed in the office of the County Clerk. A new Fictitious Business Name Statement must be filed prior to that date. The filing of this statement does not of itself authorize the use in this state of a Fictitious Business Name in violation of the rights of another under Federal, State, or common law (See section 14411 et seq. Business and Professions Code)Publish: Mountain Views News Dates Pub: Feb. 07, 14, 21, 28, 2015

FICTITIOUS BUSINESS NAME STATEMENT File No. 2015-029115 The following person(s) is (are) doing business as: ADRENNE, 5244 W. 92ND ST. MAYWOOD, CA 90270. Full name of registrant(s) is (are) WALTER AGUILAR, 4528 E. 57TH ST., MAYWOOD, CA 90270; ISMAEL GALINDO FRANCISCO, 15127 W. 50TH ST., L.A., CA 90270. This business is conducted by: CO-PARTNERS. Signed: WALTER L. AGUILAR. This statement was filed with the County Clerk of Los Angeles County on 02/02/2015. The registrant(s) has (have) commenced to transact business under the fictitious business name or names listed above on N/A. NOTICE- This Fictitious Name Statement expires five years from the date it was filed in the office of the County Clerk. A new Fictitious Business Name Statement must be filed prior to that date. The filing of this statement does not of itself authorize the use in this state of a Fictitious Business Name in violation of the rights of another under Federal, State, or common law (See section 14411 et seq. Business and Professions Code)Publish: Mountain Views News Dates Pub: Feb. 07, 14, 21, 28, 2015

FICTITIOUS BUSINESS NAME STATEMENT File No. 2015-026425 The following person(s) is (are) doing business as: A&M AUTO SALVAGE, 10134 E. CESAR CHAVEZ AVE., L.A., CA 90033. Full name of registrant(s) is (are) MARLEN EDITH GUZMAN RODRIGUEZ, ALEJANDRO PEREZ BELLOSO, 1034 E. CESAR CHAVEZ AVE., L.A., CA 90033. This business is conducted by: A GENERAL PARTNERSHIP. Signed: MARLEN EDITH GUZMAN RODRIGUEZ. This statement was filed with the County Clerk of Los Angeles County on 01/30/2015. The registrant(s) has (have) commenced to transact business under the fictitious business name or names listed above on N/A. NOTICE- This Fictitious Name Statement expires five years from the date it was filed in the office of the County Clerk. A new Fictitious Business Name Statement must be filed prior to that date. The filing of this statement does not of itself authorize the use in this state of a Fictitious Business Name in violation of the rights of another under Federal, State, or common law (See section 14411 et seq. Business and Professions Code)Publish: Mountain Views News Dates Pub: Feb. 07, 14, 21, 28, 2015

FICTITIOUS BUSINESS NAME STATEMENT File No. 2015-031972 The following person(s) is (are) doing business as: BALDWIN PARK FLOORING, 4152 BECKER ST., BALDWIN PARK, CA 91706. Full name of registrant(s) is (are) JOSE ABEL RUIZ LOPEZ, 730 GLADSTONE ST. #27, AZUSA, CA 91702. This business is conducted by: AN INDIVIDUAL. Signed: JOSE ABEL RUIZ LOPEZ. This statement was filed with the County Clerk of Los Angeles County on 02/05/2015. The registrant(s) has (have) commenced to transact business under the fictitious business name or names listed above on N/A. NOTICE- This Fictitious Name Statement expires five years from the date it was filed in the office of the County Clerk. A new Fictitious Business Name Statement must be filed prior to that date. The filing of this statement does not of itself authorize the use in this state of a Fictitious Business Name in violation of the rights of another under Federal, State, or common law (See section 14411 et seq. Business and Professions Code)Publish: Mountain Views News Dates Pub: Feb. 07, 14, 21, 28, 2015

FICTITIOUS BUSINESS NAME STATEMENT File No. 2015-030397 The following person(s) is (are) doing business as: BRAYDEN LEMANSUR, 3719 E. 1ST RD, LONG BEACH, CA 90808. Full name of registrant(s) is (are) BRAYDEN DE LEON, 3719 E. 1ST RD, LONG BEACH, CA 90808. This business is conducted by: AN INDIVIDUAL. Signed: BRAYDEN DE LEON. This statement was filed with the County Clerk of Los Angeles County on 02/04/2015. The registrant(s) has (have) commenced to transact business under the fictitious business name or names listed above on N/A. NOTICE- This Fictitious Name Statement expires five years from the date it was filed in the office of the County Clerk. A new Fictitious Business Name Statement must be filed prior to that date. The filing of this statement does not of itself authorize the use in this state of a Fictitious Business Name in violation of the rights of another under Federal, State, or common law (See section 14411 et seq. Business and Professions Code)Publish: Mountain Views News Dates Pub: Feb. 07, 14, 21, 28, 2015

FICTITIOUS BUSINESS NAME STATEMENT File No. 2015-029586 The following person(s) is (are) doing business as: JOLYE WINDOWS, 660 W. WHITTIER BLVD. UNIT 3, MONTEBELLO, CA 90640. Full name of registrant(s) is (are) DAVID BAUTISTA, 660 S. BEACH BLVD. UNIT 3, LA HABRA, CA 90631. This business is conducted by: AN INDIVIDUAL. Signed: DAVID BAUTISTA. This statement was filed with the County Clerk of Los Angeles County on 02/03/2015. The registrant(s) has (have) commenced to transact business under the fictitious business name or names listed above on N/A. NOTICE- This Fictitious Name Statement expires five years from the date it was filed in the office of the County Clerk. A new Fictitious Business Name Statement must be filed prior to that date. The filing of this statement does not of itself authorize the use in this state of a Fictitious Business Name in violation of the rights of another under Federal, State, or common law (See section 14411 et seq. Business and Professions Code)Publish: Mountain Views News Dates Pub: Feb. 07, 14, 21, 28, 2015

FICTITIOUS BUSINESS NAME STATEMENT File No. 2015-028139 The following person(s) is (are) doing business as: ANCIENT EMBLEM, 2380 W. MORNINGSIDE LN., ANAHEIM, CA 92804. Full name of registrant(s) is (are) EDDIE LEE BELL JR., 2700 W. 78TH PL., INGLEWOOD, CA 90305. This business is conducted by: CO-PARTNERS. Signed: EDDIE LEE BELL JR. This statement was filed with the County Clerk of Los Angeles County on 02/02/2015. The registrant(s) has (have) commenced to transact business under the fictitious business name or names listed above on N/A. NOTICE- This Fictitious Name Statement expires five years from the date it was filed in the office of the County Clerk.

date it was filed in the office of the County Clerk. A new Fictitious Business Name Statement must be filed prior to that date. The filing of this statement does not of itself authorize the use in this state of a Fictitious Business Name in violation of the rights of another under Federal, State, or common law (See section 14411 et seq. Business and Professions Code)Publish: Mountain Views News Dates Pub: Feb. 07, 14, 21, 28, 2015

FICTITIOUS BUSINESS NAME STATEMENT File No. 2015-025999 The following person(s) is (are) doing business as: ANDINO TRUCKING, 761 E. 69TH ST. #1, LONG BEACH, CA 90805. Full name of registrant(s) is (are) DIANA ANDINO FERNANDEZ, 761 E. 69TH ST. #1, LONG BEACH, CA 90805. This business is conducted by: AN INDIVIDUAL. Signed: ANDINO HERNANDEZ. This statement was filed with the County Clerk of Los Angeles County on 02/03/2015. The registrant(s) has (have) commenced to transact business under the fictitious business name or names listed above on N/A. NOTICE- This Fictitious Name Statement expires five years from the date it was filed in the office of the County Clerk. A new Fictitious Business Name Statement must be filed prior to that date. The filing of this statement does not of itself authorize the use in this state of a Fictitious Business Name in violation of the rights of another under Federal, State, or common law (See section 14411 et seq. Business and Professions Code)Publish: Mountain Views News Dates Pub: Feb. 07, 14, 21, 28, 2015

FICTITIOUS BUSINESS NAME STATEMENT File No. 2015-030623 The following person(s) is (are) doing business as: ANTHONY TIRE SERVICE, 3045 LARGA AVE., L.A., CA 90039. Full name of registrant(s) is (are) ANTONIO GONZALEZ RAMIREZ, 3045 LARGA AVE., L.A., CA 90039. This business is conducted by: AN INDIVIDUAL. Signed: ANTONIO GONZALEZ RAMIREZ. This statement was filed with the County Clerk of Los Angeles County on 02/04/2015. The registrant(s) has (have) commenced to transact business under the fictitious business name or names listed above on N/A. NOTICE- This Fictitious Name Statement expires five years from the date it was filed in the office of the County Clerk. A new Fictitious Business Name Statement must be filed prior to that date. The filing of this statement does not of itself authorize the use in this state of a Fictitious Business Name in violation of the rights of another under Federal, State, or common law (See section 14411 et seq. Business and Professions Code)Publish: Mountain Views News Dates Pub: Feb. 07, 14, 21, 28, 2015

FICTITIOUS BUSINESS NAME STATEMENT File No. 2015-028488 The following person(s) is (are) doing business as: AVALON TIRES, 8000 AVALON BLVD., L.A., CA 90003. Full name of registrant(s) is (are) JOSE A. ULLOA, 1324 W. 110TH ST., L.A., CA 90044. This business is conducted by: AN INDIVIDUAL. Signed: JOSE A. ULLOA. This statement was filed with the County Clerk of Los Angeles County on 02/03/2015. The registrant(s) has (have) commenced to transact business under the fictitious business name or names listed above on 06/21/2010. NOTICE- This Fictitious Name Statement expires five years from the date it was filed in the office of the County Clerk. A new Fictitious Business Name Statement must be filed prior to that date. The filing of this statement does not of itself authorize the use in this state of a Fictitious Business Name in violation of the rights of another under Federal, State, or common law (See section 14411 et seq. Business and Professions Code)Publish: Mountain Views News Dates Pub: Feb. 07, 14, 21, 28, 2015

FICTITIOUS BUSINESS NAME STATEMENT File No. 2015-029590 The following person(s) is (are) doing business as: BASKIN ROBBINS #1, 973 W. FOOTHILL BLVD., CLAREMONT, CA 91711. Full name of registrant(s) is (are) DOWNTOWN AND INCORPORATED, 177 E. COLLEGE ST., COVINA, CA 91723. This business is conducted by: A CORPORATION. Signed: SAJIE RAWANI. This statement was filed with the County Clerk of Los Angeles County on 02/03/2015. The registrant(s) has (have) commenced to transact business under the fictitious business name or names listed above on N/A. NOTICE- This Fictitious Name Statement expires five years from the date it was filed in the office of the County Clerk. A new Fictitious Business Name Statement must be filed prior to that date. The filing of this statement does not of itself authorize the use in this state of a Fictitious Business Name in violation of the rights of another under Federal, State, or common law (See section 14411 et seq. Business and Professions Code)Publish: Mountain Views News Dates Pub: Feb. 07, 14, 21, 28, 2015

FICTITIOUS BUSINESS NAME STATEMENT File No. 2015-029964 The following person(s) is (are) doing business as: BM TRANSPORTATION, 1322 CHESTER AVE., INGLEWOOD, CA 90302. Full name of registrant(s) is (are) ADRIENNE SWINSON-MCINTYRE, 1322 CHESTER AVE., INGLEWOOD, CA 90302. This business is conducted by: AN INDIVIDUAL. Signed: ADRIENNE SWINSON-MCINTYRE. This statement was filed with the County Clerk of Los Angeles County on 02/04/2015. The registrant(s) has (have) commenced to transact business under the fictitious business name or names listed above on N/A. NOTICE- This Fictitious Name Statement expires five years from the date it was filed in the office of the County Clerk. A new Fictitious Business Name Statement must be filed prior to that date. The filing of this statement does not of itself authorize the use in this state of a Fictitious Business Name in violation of the rights of another under Federal, State, or common law (See section 14411 et seq. Business and Professions Code)Publish: Mountain Views News Dates Pub: Feb. 07, 14, 21, 28, 2015

FICTITIOUS BUSINESS NAME STATEMENT File No. 2015-031972 The following person(s) is (are) doing business as: CARNEYS AND FLOORING TIPS, 18351 COLIMA RD. #390, ROWLAND HTS., CA 91748. Full name of registrant(s) is (are) AVERY GLOBAL, INC., 18351 COLIMA RD. UNIT 390, ROWLAND HTS., CA 91748. This business is conducted by: A CORPORATION. Signed: SHUHAN QIN. This statement was filed with the County Clerk of Los Angeles County on 02/05/2015. The registrant(s) has (have) commenced to transact business under the fictitious business name or names listed above on N/A. NOTICE- This Fictitious Name Statement expires five years from the date it was filed in the office of the County Clerk. A new Fictitious Business Name Statement must be filed prior to that date. The filing of this statement does not of itself authorize the use in this state of a Fictitious Business Name in violation of the rights of another under Federal, State, or common law (See section 14411 et seq. Business and Professions Code)Publish: Mountain Views News Dates Pub: Feb. 07, 14, 21, 28, 2015

FICTITIOUS BUSINESS NAME STATEMENT File No. 2015-027971 The following person(s) is (are) doing business as: CLOSEOUT IMPORT EXPORT, 550 N. FIGUEROA, L.A., CA 90012. Full name of registrant(s) is (are) MAYRA CAROLINA MENDEZ, 550 N. FIGUEROA #4010, L.A., CA 90012. This business is conducted by: AN INDIVIDUAL. Signed: MAYRA CAROLINA MENDEZ. This statement was filed with the County Clerk of Los Angeles County on 02/02/2015. The registrant(s) has (have) commenced to transact business under the fictitious business name or names listed above on N/A. NOTICE- This Fictitious Name Statement expires five years from the date it was filed in the office of the County Clerk. A new Fictitious Business Name Statement must be filed prior to that date. The filing of this statement does not of itself authorize the use in this state of a Fictitious Business Name in violation of the rights of another under Federal, State, or common law (See section 14411 et seq. Business and Professions Code)Publish: Mountain Views News Dates Pub: Feb. 07, 14, 21, 28, 2015

FICTITIOUS BUSINESS NAME STATEMENT File No. 2015-032295 The following person(s) is (are) doing business as: THEBEAUTY SERVICES, 791 MARYLAND AVE. (REAR) #1, CLAREMONT, CA 91711. Full name of registrant(s) is (are) COMMUNITY BEAUTY SERVICES, INC., 791 MARYLAND AVE. (REAR) #1, CLAREMONT, CA 91711. This business is conducted by: A CORPORATION. Signed: DAISY MALDONADO. This statement was filed with the County Clerk of Los Angeles County on 02/05/2015. The registrant(s) has (have) commenced to transact business under the fictitious business name or names listed above on N/A. NOTICE- This Fictitious Name Statement expires five years from the date it was filed in the office of the County Clerk. A new Fictitious Business Name Statement must be filed prior to that date. The filing of this statement does not of itself authorize the use in this state of a Fictitious Business Name in violation of the rights of another under Federal, State, or common law (See section 14411 et seq. Business and Professions Code)Publish: Mountain Views News Dates Pub: Feb. 07, 14, 21, 28, 2015

FICTITIOUS BUSINESS NAME STATEMENT File No. 2015-032297 The following person(s) is (are) doing business as: D'S JAZZY GLAM, 5505 ACKERFIELD AVE. #103, LONG BEACH, CA 90805. Full name of registrant(s) is (are) DIONISIA LORRAINE ROSS, 5505 ACKERFIELD AVE. #103, LONG BEACH, CA 90805. This business is conducted by: AN INDIVIDUAL. Signed: DIONISIA LORRAINE ROSS. This statement was filed with the County Clerk of Los Angeles County on 02/05/2015. The registrant(s) has (have) commenced to transact business under the fictitious business name or names listed above on N/A. NOTICE- This Fictitious Name Statement expires five years from the date it was filed in the office of the County Clerk. A new Fictitious Business Name Statement must be filed prior to that date. The filing of this statement does not of itself authorize the use in this state of a Fictitious Business Name in violation of the rights of another under Federal, State, or common law (See section 14411 et seq. Business and Professions Code)Publish: Mountain Views News Dates Pub: Feb. 07, 14, 21, 28, 2015

FICTITIOUS BUSINESS NAME STATEMENT File No. 2015-029903 The following person(s) is (are) doing business as: DE DIOS DAVILA VILLA, 1627 E. 6TH ST., LONG BEACH, CA 90802. Full name of registrant(s) is (are) JUAN DE DIOS DAVILA VILLA, 1627 E. 6TH ST., LONG BEACH, CA 90802. This business is conducted by: AN INDIVIDUAL. Signed: JUAN DE DIOS DAVILA VILLA. This statement was filed with the County Clerk of Los Angeles County on 02/03/2015.

Mountain Views News 80 W Sierra Madre Blvd. No. 327 Sierra Madre, Ca. 91024 Office: 626.355.2737 Fax: 626.609.3285 Email: editor@mtnviewsnews.com Website: www.mtnviewsnews.com
